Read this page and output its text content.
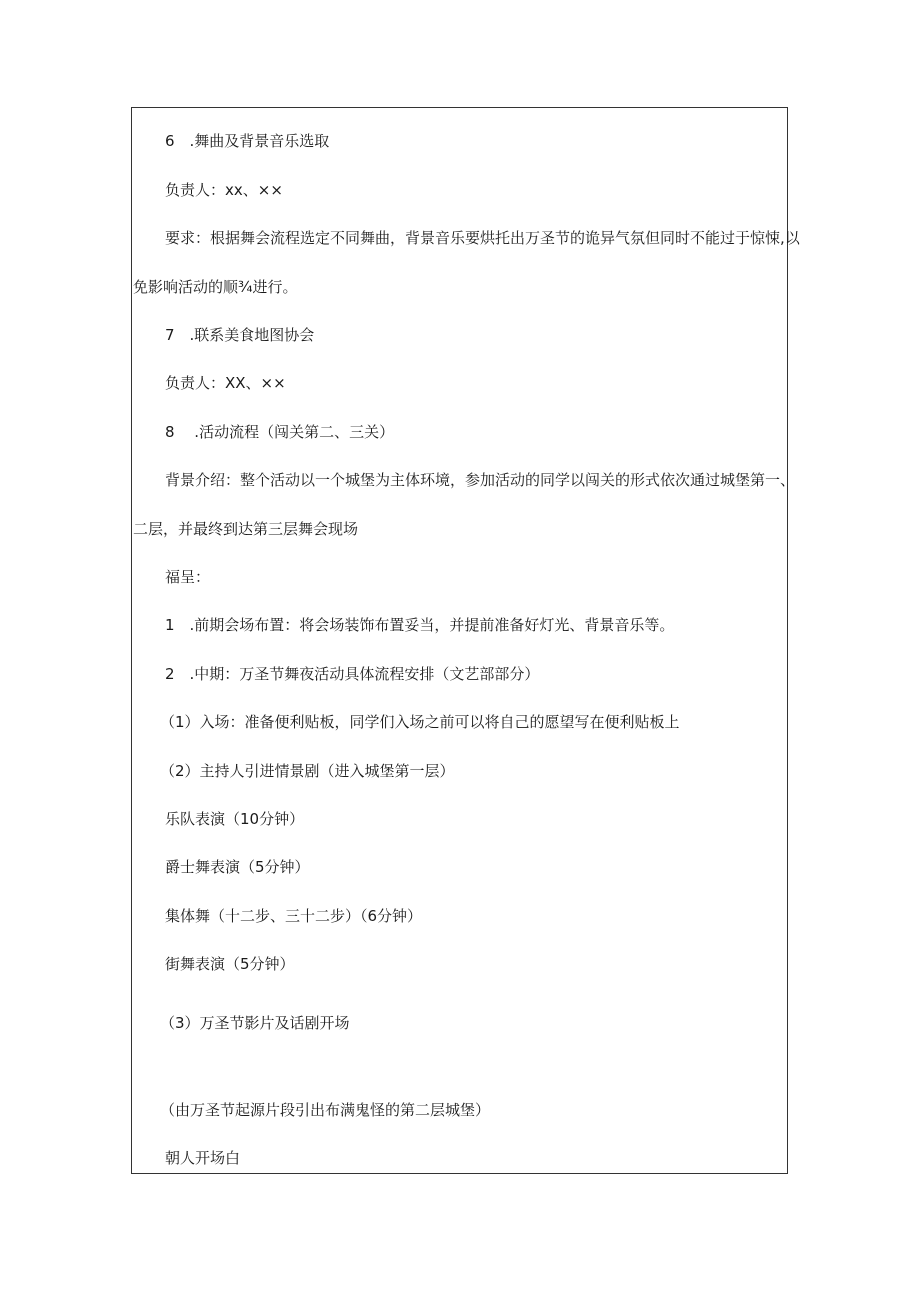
6　.舞曲及背景音乐选取
负责人：xx、××
要求：根据舞会流程选定不同舞曲，背景音乐要烘托出万圣节的诡异气氛但同时不能过于惊悚,以
免影响活动的顺¾进行。
7　.联系美食地图协会
负责人：XX、××
8　 .活动流程（闯关第二、三关）
背景介绍：整个活动以一个城堡为主体环境，参加活动的同学以闯关的形式依次通过城堡第一、
二层，并最终到达第三层舞会现场
福呈：
1　.前期会场布置：将会场装饰布置妥当，并提前准备好灯光、背景音乐等。
2　.中期：万圣节舞夜活动具体流程安排（文艺部部分）
（1）入场：准备便利贴板，同学们入场之前可以将自己的愿望写在便利贴板上
（2）主持人引进情景剧（进入城堡第一层）
乐队表演（10分钟）
爵士舞表演（5分钟）
集体舞（十二步、三十二步）（6分钟）
街舞表演（5分钟）
（3）万圣节影片及话剧开场
（由万圣节起源片段引出布满鬼怪的第二层城堡）
朝人开场白
